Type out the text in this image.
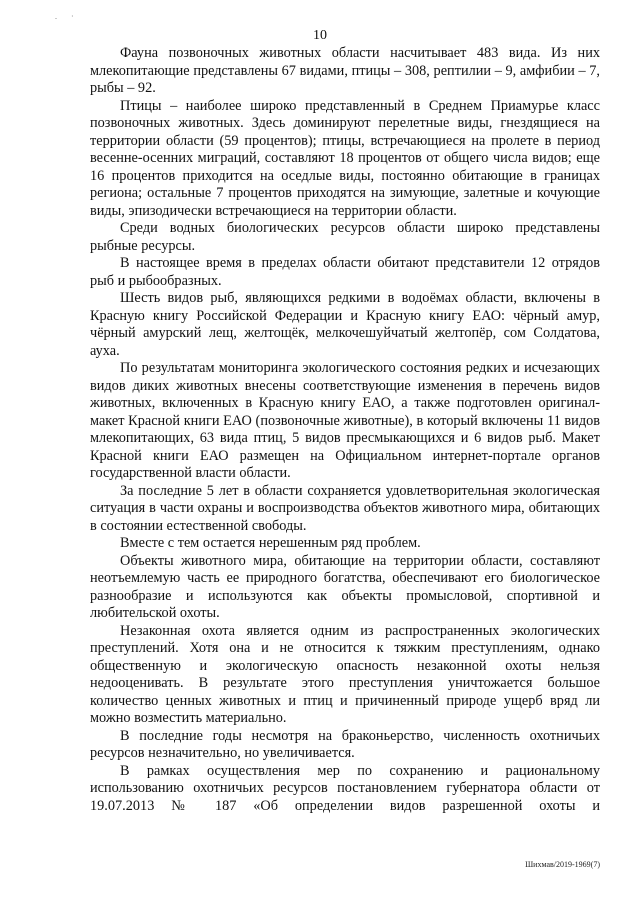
. ·
10

Фауна позвоночных животных области насчитывает 483 вида. Из них млекопитающие представлены 67 видами, птицы – 308, рептилии – 9, амфибии – 7, рыбы – 92.

Птицы – наиболее широко представленный в Среднем Приамурье класс позвоночных животных. Здесь доминируют перелетные виды, гнездящиеся на территории области (59 процентов); птицы, встречающиеся на пролете в период весенне-осенних миграций, составляют 18 процентов от общего числа видов; еще 16 процентов приходится на оседлые виды, постоянно обитающие в границах региона; остальные 7 процентов приходятся на зимующие, залетные и кочующие виды, эпизодически встречающиеся на территории области.

Среди водных биологических ресурсов области широко представлены рыбные ресурсы.

В настоящее время в пределах области обитают представители 12 отрядов рыб и рыбообразных.

Шесть видов рыб, являющихся редкими в водоёмах области, включены в Красную книгу Российской Федерации и Красную книгу ЕАО: чёрный амур, чёрный амурский лещ, желтощёк, мелкочешуйчатый желтопёр, сом Солдатова, ауха.

По результатам мониторинга экологического состояния редких и исчезающих видов диких животных внесены соответствующие изменения в перечень видов животных, включенных в Красную книгу ЕАО, а также подготовлен оригинал-макет Красной книги ЕАО (позвоночные животные), в который включены 11 видов млекопитающих, 63 вида птиц, 5 видов пресмыкающихся и 6 видов рыб. Макет Красной книги ЕАО размещен на Официальном интернет-портале органов государственной власти области.

За последние 5 лет в области сохраняется удовлетворительная экологическая ситуация в части охраны и воспроизводства объектов животного мира, обитающих в состоянии естественной свободы.

Вместе с тем остается нерешенным ряд проблем.

Объекты животного мира, обитающие на территории области, составляют неотъемлемую часть ее природного богатства, обеспечивают его биологическое разнообразие и используются как объекты промысловой, спортивной и любительской охоты.

Незаконная охота является одним из распространенных экологических преступлений. Хотя она и не относится к тяжким преступлениям, однако общественную и экологическую опасность незаконной охоты нельзя недооценивать. В результате этого преступления уничтожается большое количество ценных животных и птиц и причиненный природе ущерб вряд ли можно возместить материально.

В последние годы несмотря на браконьерство, численность охотничьих ресурсов незначительно, но увеличивается.

В рамках осуществления мер по сохранению и рациональному использованию охотничьих ресурсов постановлением губернатора области от 19.07.2013 № 187 «Об определении видов разрешенной охоты и

Шихмав/2019-1969(7)
